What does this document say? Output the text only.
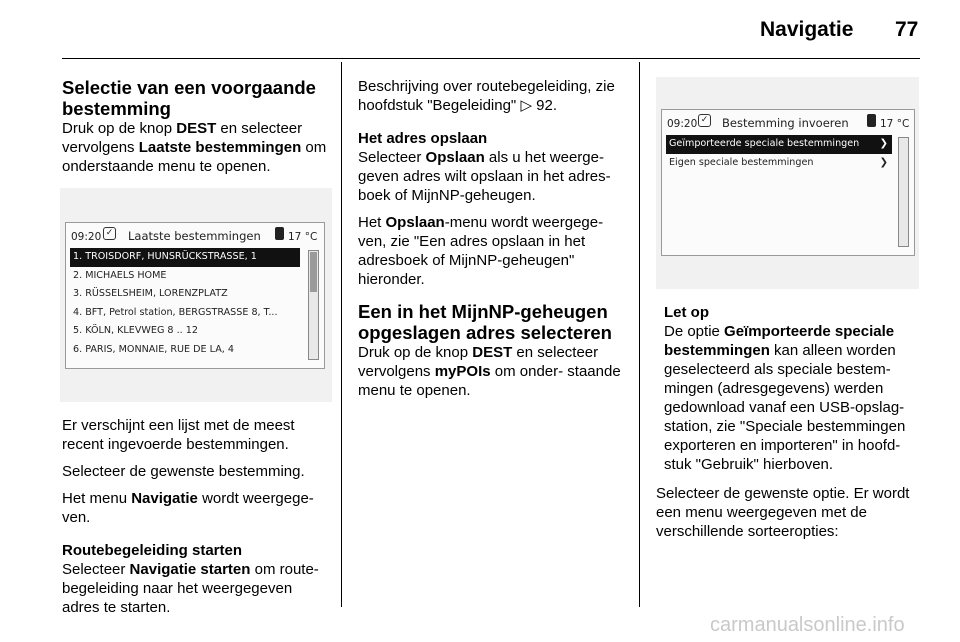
Navigatie 77
Selectie van een voorgaande bestemming

Druk op de knop DEST en selecteer vervolgens Laatste bestemmingen om onderstaande menu te openen.

09:20 ✓ Laatste bestemmingen	17 °C
1. TROISDORF, HUNSRÜCKSTRASSE, 1
2. MICHAELS HOME
3. RÜSSELSHEIM, LORENZPLATZ
4. BFT, Petrol station, BERGSTRASSE 8, T...
5. KÖLN, KLEVWEG 8 .. 12
6. PARIS, MONNAIE, RUE DE LA, 4

Er verschijnt een lijst met de meest recent ingevoerde bestemmingen.

Selecteer de gewenste bestemming.

Het menu Navigatie wordt weergege- ven.

Routebegeleiding starten

Selecteer Navigatie starten om route- begeleiding naar het weergegeven adres te starten.

Beschrijving over routebegeleiding, zie hoofdstuk "Begeleiding" ▷ 92.

Het adres opslaan

Selecteer Opslaan als u het weerge- geven adres wilt opslaan in het adres- boek of MijnNP-geheugen.

Het Opslaan-menu wordt weergege- ven, zie "Een adres opslaan in het adresboek of MijnNP-geheugen" hieronder.

Een in het MijnNP-geheugen opgeslagen adres selecteren

Druk op de knop DEST en selecteer vervolgens myPOIs om onder- staande menu te openen.

09:20 ✓ Bestemming invoeren	17 °C
Geïmporteerde speciale bestemmingen ❯
Eigen speciale bestemmingen	❯
Let op

De optie Geïmporteerde speciale bestemmingen kan alleen worden geselecteerd als speciale bestem- mingen (adresgegevens) werden gedownload vanaf een USB-opslag- station, zie "Speciale bestemmingen exporteren en importeren" in hoofd- stuk "Gebruik" hierboven.

Selecteer de gewenste optie. Er wordt een menu weergegeven met de verschillende sorteeropties:

carmanualsonline.info
